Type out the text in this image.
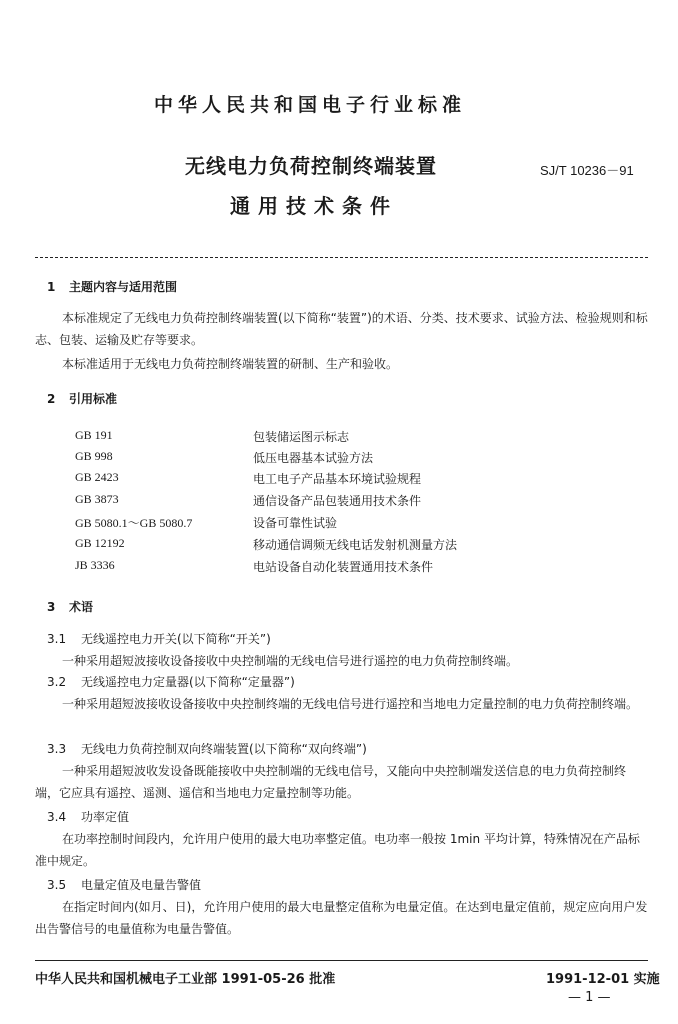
中华人民共和国电子行业标准
无线电力负荷控制终端装置
通用技术条件
SJ/T 10236－91
1 主题内容与适用范围
本标准规定了无线电力负荷控制终端装置(以下简称“装置”)的术语、分类、技术要求、试验方法、检验规则和标志、包装、运输及贮存等要求。
本标准适用于无线电力负荷控制终端装置的研制、生产和验收。
2 引用标准
GB 191	包装储运图示标志
GB 998	低压电器基本试验方法
GB 2423	电工电子产品基本环境试验规程
GB 3873	通信设备产品包装通用技术条件
GB 5080.1～GB 5080.7	设备可靠性试验
GB 12192	移动通信调频无线电话发射机测量方法
JB 3336	电站设备自动化装置通用技术条件
3 术语
3.1 无线遥控电力开关(以下简称“开关”)
一种采用超短波接收设备接收中央控制端的无线电信号进行遥控的电力负荷控制终端。
3.2 无线遥控电力定量器(以下简称“定量器”)
一种采用超短波接收设备接收中央控制终端的无线电信号进行遥控和当地电力定量控制的电力负荷控制终端。
3.3 无线电力负荷控制双向终端装置(以下简称“双向终端”)
一种采用超短波收发设备既能接收中央控制端的无线电信号，又能向中央控制端发送信息的电力负荷控制终端，它应具有遥控、遥测、遥信和当地电力定量控制等功能。
3.4 功率定值
在功率控制时间段内，允许用户使用的最大电功率整定值。电功率一般按 1min 平均计算，特殊情况在产品标准中规定。
3.5 电量定值及电量告警值
在指定时间内(如月、日)，允许用户使用的最大电量整定值称为电量定值。在达到电量定值前，规定应向用户发出告警信号的电量值称为电量告警值。
中华人民共和国机械电子工业部 1991-05-26 批准	1991-12-01 实施
— 1 —
